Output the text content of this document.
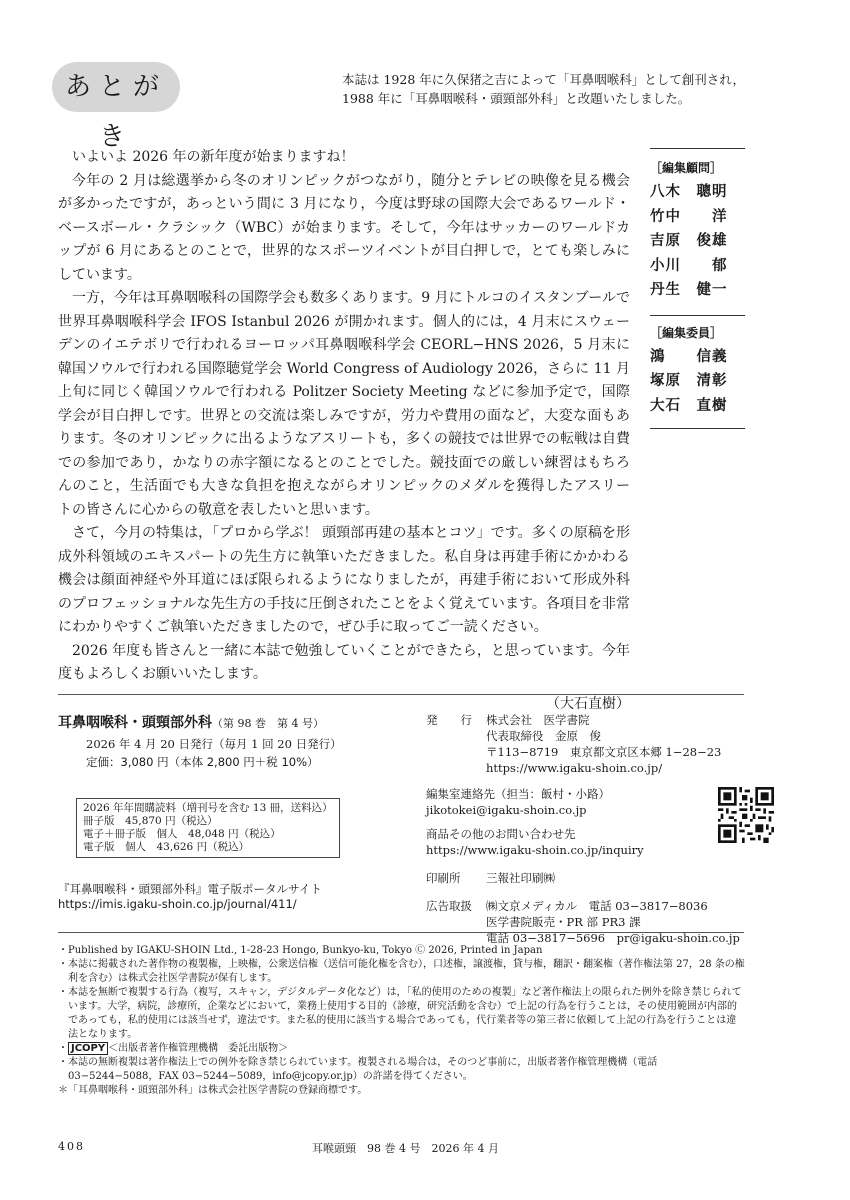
あとがき
本誌は 1928 年に久保猪之吉によって「耳鼻咽喉科」として創刊され，
1988 年に「耳鼻咽喉科・頭頸部外科」と改題いたしました。

いよいよ 2026 年の新年度が始まりますね！

今年の 2 月は総選挙から冬のオリンピックがつながり，随分とテレビの映像を見る機会が多かったですが，あっという間に 3 月になり，今度は野球の国際大会であるワールド・ベースボール・クラシック（WBC）が始まります。そして，今年はサッカーのワールドカップが 6 月にあるとのことで，世界的なスポーツイベントが目白押しで，とても楽しみにしています。

一方，今年は耳鼻咽喉科の国際学会も数多くあります。9 月にトルコのイスタンブールで世界耳鼻咽喉科学会 IFOS Istanbul 2026 が開かれます。個人的には，4 月末にスウェーデンのイエテボリで行われるヨーロッパ耳鼻咽喉科学会 CEORL−HNS 2026，5 月末に韓国ソウルで行われる国際聴覚学会 World Congress of Audiology 2026，さらに 11 月上旬に同じく韓国ソウルで行われる Politzer Society Meeting などに参加予定で，国際学会が目白押しです。世界との交流は楽しみですが，労力や費用の面など，大変な面もあります。冬のオリンピックに出るようなアスリートも，多くの競技では世界での転戦は自費での参加であり，かなりの赤字額になるとのことでした。競技面での厳しい練習はもちろんのこと，生活面でも大きな負担を抱えながらオリンピックのメダルを獲得したアスリートの皆さんに心からの敬意を表したいと思います。

さて，今月の特集は，「プロから学ぶ！ 頭頸部再建の基本とコツ」です。多くの原稿を形成外科領域のエキスパートの先生方に執筆いただきました。私自身は再建手術にかかわる機会は顔面神経や外耳道にほぼ限られるようになりましたが，再建手術において形成外科のプロフェッショナルな先生方の手技に圧倒されたことをよく覚えています。各項目を非常にわかりやすくご執筆いただきましたので，ぜひ手に取ってご一読ください。

2026 年度も皆さんと一緒に本誌で勉強していくことができたら，と思っています。今年度もよろしくお願いいたします。

（大石直樹）

［編集顧問］
八木　聰明
竹中　　洋
吉原　俊雄
小川　　郁
丹生　健一
［編集委員］
鴻　　信義
塚原　清彰
大石　直樹
耳鼻咽喉科・頭頸部外科（第 98 巻　第 4 号）
2026 年 4 月 20 日発行（毎月 1 回 20 日発行）
定価：3,080 円（本体 2,800 円＋税 10%）
2026 年年間購読料（増刊号を含む 13 冊，送料込）
冊子版　45,870 円（税込）
電子＋冊子版　個人　48,048 円（税込）
電子版　個人　43,626 円（税込）
『耳鼻咽喉科・頭頸部外科』電子版ポータルサイト
https://imis.igaku-shoin.co.jp/journal/411/
発　　行	株式会社　医学書院
代表取締役　金原　俊
〒113−8719　東京都文京区本郷 1−28−23
https://www.igaku-shoin.co.jp/
編集室連絡先（担当：飯村・小路）
jikotokei@igaku-shoin.co.jp
商品その他のお問い合わせ先
https://www.igaku-shoin.co.jp/inquiry
印刷所	三報社印刷㈱
広告取扱	㈱文京メディカル　電話 03−3817−8036
医学書院販売・PR 部 PR3 課
電話 03−3817−5696　pr@igaku-shoin.co.jp

・Published by IGAKU-SHOIN Ltd., 1-28-23 Hongo, Bunkyo-ku, Tokyo Ⓒ 2026, Printed in Japan

・本誌に掲載された著作物の複製権，上映権，公衆送信権（送信可能化権を含む），口述権，譲渡権，貸与権，翻訳・翻案権（著作権法第 27，28 条の権利を含む）は株式会社医学書院が保有します。

・本誌を無断で複製する行為（複写，スキャン，デジタルデータ化など）は，「私的使用のための複製」など著作権法上の限られた例外を除き禁じられています。大学，病院，診療所，企業などにおいて，業務上使用する目的（診療，研究活動を含む）で上記の行為を行うことは，その使用範囲が内部的であっても，私的使用には該当せず，違法です。また私的使用に該当する場合であっても，代行業者等の第三者に依頼して上記の行為を行うことは違法となります。

・ JCOPY ＜出版者著作権管理機構　委託出版物＞

・本誌の無断複製は著作権法上での例外を除き禁じられています。複製される場合は，そのつど事前に，出版者著作権管理機構（電話 03−5244−5088，FAX 03−5244−5089，info@jcopy.or.jp）の許諾を得てください。

＊「耳鼻咽喉科・頭頸部外科」は株式会社医学書院の登録商標です。

408	耳喉頭頸　98 巻 4 号　2026 年 4 月
